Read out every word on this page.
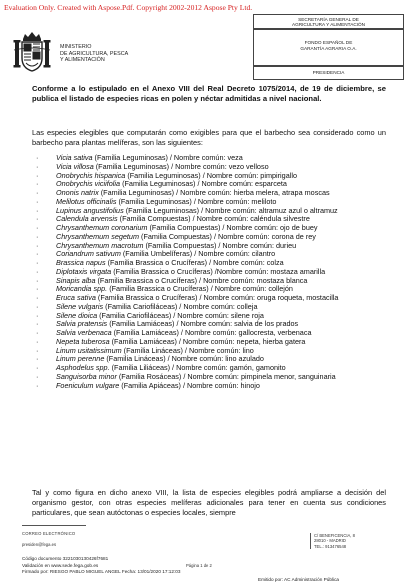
Evaluation Only. Created with Aspose.Pdf. Copyright 2002-2012 Aspose Pty Ltd.
MINISTERIO
DE AGRICULTURA, PESCA
Y ALIMENTACIÓN
SECRETARÍA GENERAL DE
AGRICULTURA Y ALIMENTACIÓN
FONDO ESPAÑOL DE
GARANTÍA AGRARIA O.A.
PRESIDENCIA

Conforme a lo estipulado en el Anexo VIII del Real Decreto 1075/2014, de 19 de diciembre, se publica el listado de especies ricas en polen y néctar admitidas a nivel nacional.

Las especies elegibles que computarán como exigibles para que el barbecho sea considerado como un barbecho para plantas melíferas, son las siguientes:

· Vicia sativa (Familia Leguminosas) / Nombre común: veza
· Vicia villosa (Familia Leguminosas) / Nombre común: vezo velloso
· Onobrychis hispanica (Familia Leguminosas) / Nombre común: pimpirigallo
· Onobrychis viciifolia (Familia Leguminosas) / Nombre común: esparceta
· Ononis natrix (Familia Leguminosas) / Nombre común: hierba melera, atrapa moscas
· Melilotus officinalis (Familia Leguminosas) / Nombre común: meliloto
· Lupinus angustifolius (Familia Leguminosas) / Nombre común: altramuz azul o altramuz
· Calendula arvensis (Familia Compuestas) / Nombre común: caléndula silvestre
· Chrysanthemum coronarium (Familia Compuestas) / Nombre común: ojo de buey
· Chrysanthemum segetum (Familia Compuestas) / Nombre común: corona de rey
· Chrysanthemum macrotum (Familia Compuestas) / Nombre común: durieu
· Coriandrum sativum (Familia Umbelíferas) / Nombre común: cilantro
· Brassica napus (Familia Brassica o Crucíferas) / Nombre común: colza
· Diplotaxis virgata (Familia Brassica o Crucíferas) /Nombre común: mostaza amarilla
· Sinapis alba (Familia Brassica o Crucíferas) / Nombre común: mostaza blanca
· Moricandia spp. (Familia Brassica o Crucíferas) / Nombre común: collejón
· Eruca sativa (Familia Brassica o Crucíferas) / Nombre común: oruga roqueta, mostacilla
· Silene vulgaris (Familia Cariofiláceas) / Nombre común: colleja
· Silene dioica (Familia Cariofiláceas) / Nombre común: silene roja
· Salvia pratensis (Familia Lamiáceas) / Nombre común: salvia de los prados
· Salvia verbenaca (Familia Lamiáceas) / Nombre común: gallocresta, verbenaca
· Nepeta tuberosa (Familia Lamiáceas) / Nombre común: nepeta, hierba gatera
· Linum usitatissimum (Familia Lináceas) / Nombre común: lino
· Linum perenne (Familia Lináceas) / Nombre común: lino azulado
· Asphodelus spp. (Familia Liliáceas) / Nombre común: gamón, gamonito
· Sanguisorba minor (Familia Rosáceas) / Nombre común: pimpinela menor, sanguinaria
· Foeniculum vulgare (Familia Apiáceas) / Nombre común: hinojo

Tal y como figura en dicho anexo VIII, la lista de especies elegibles podrá ampliarse a decisión del organismo gestor, con otras especies melíferas adicionales para tener en cuenta sus condiciones particulares, que sean autóctonas o especies locales, siempre

CORREO ELECTRÓNICO
presiden@fega.es
C/ BENEFICENCIA, 8
28010 - MADRID
TEL.: 913476548
Código documento 3221030130426f7681
Validación en www.sede.fega.gob.es
Firmado por: RIESGO PABLO MIGUEL ANGEL Fecha: 13/01/2020 17:12:03
Página 1 de 2
Emitido por: AC Administración Pública
